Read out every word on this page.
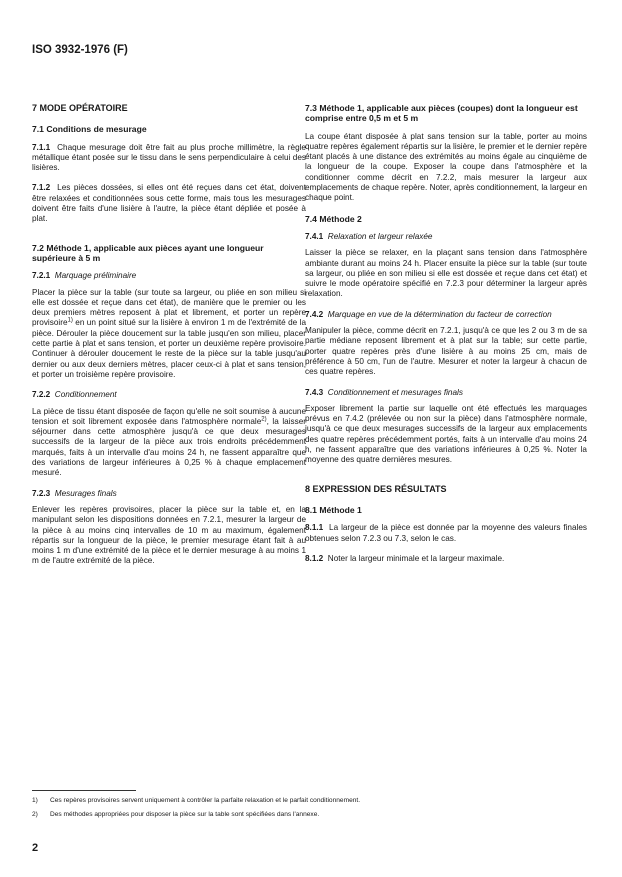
ISO 3932-1976 (F)
7 MODE OPÉRATOIRE
7.1 Conditions de mesurage
7.1.1 Chaque mesurage doit être fait au plus proche millimètre, la règle métallique étant posée sur le tissu dans le sens perpendiculaire à celui des lisières.
7.1.2 Les pièces dossées, si elles ont été reçues dans cet état, doivent être relaxées et conditionnées sous cette forme, mais tous les mesurages doivent être faits d'une lisière à l'autre, la pièce étant dépliée et posée à plat.
7.2 Méthode 1, applicable aux pièces ayant une longueur supérieure à 5 m
7.2.1 Marquage préliminaire
Placer la pièce sur la table (sur toute sa largeur, ou pliée en son milieu si elle est dossée et reçue dans cet état), de manière que le premier ou les deux premiers mètres reposent à plat et librement, et porter un repère provisoire$^{1)}$ en un point situé sur la lisière à environ 1 m de l'extrémité de la pièce. Dérouler la pièce doucement sur la table jusqu'en son milieu, placer cette partie à plat et sans tension, et porter un deuxième repère provisoire. Continuer à dérouler doucement le reste de la pièce sur la table jusqu'au dernier ou aux deux derniers mètres, placer ceux-ci à plat et sans tension, et porter un troisième repère provisoire.
7.2.2 Conditionnement
La pièce de tissu étant disposée de façon qu'elle ne soit soumise à aucune tension et soit librement exposée dans l'atmosphère normale$^{2)}$, la laisser séjourner dans cette atmosphère jusqu'à ce que deux mesurages successifs de la largeur de la pièce aux trois endroits précédemment marqués, faits à un intervalle d'au moins 24 h, ne fassent apparaître que des variations de largeur inférieures à 0,25 % à chaque emplacement mesuré.
7.2.3 Mesurages finals
Enlever les repères provisoires, placer la pièce sur la table et, en la manipulant selon les dispositions données en 7.2.1, mesurer la largeur de la pièce à au moins cinq intervalles de 10 m au maximum, également répartis sur la longueur de la pièce, le premier mesurage étant fait à au moins 1 m d'une extrémité de la pièce et le dernier mesurage à au moins 1 m de l'autre extrémité de la pièce.
7.3 Méthode 1, applicable aux pièces (coupes) dont la longueur est comprise entre 0,5 m et 5 m
La coupe étant disposée à plat sans tension sur la table, porter au moins quatre repères également répartis sur la lisière, le premier et le dernier repère étant placés à une distance des extrémités au moins égale au cinquième de la longueur de la coupe. Exposer la coupe dans l'atmosphère et la conditionner comme décrit en 7.2.2, mais mesurer la largeur aux emplacements de chaque repère. Noter, après conditionnement, la largeur en chaque point.
7.4 Méthode 2
7.4.1 Relaxation et largeur relaxée
Laisser la pièce se relaxer, en la plaçant sans tension dans l'atmosphère ambiante durant au moins 24 h. Placer ensuite la pièce sur la table (sur toute sa largeur, ou pliée en son milieu si elle est dossée et reçue dans cet état) et suivre le mode opératoire spécifié en 7.2.3 pour déterminer la largeur après relaxation.
7.4.2 Marquage en vue de la détermination du facteur de correction
Manipuler la pièce, comme décrit en 7.2.1, jusqu'à ce que les 2 ou 3 m de sa partie médiane reposent librement et à plat sur la table; sur cette partie, porter quatre repères près d'une lisière à au moins 25 cm, mais de préférence à 50 cm, l'un de l'autre. Mesurer et noter la largeur à chacun de ces quatre repères.
7.4.3 Conditionnement et mesurages finals
Exposer librement la partie sur laquelle ont été effectués les marquages prévus en 7.4.2 (prélevée ou non sur la pièce) dans l'atmosphère normale, jusqu'à ce que deux mesurages successifs de la largeur aux emplacements des quatre repères précédemment portés, faits à un intervalle d'au moins 24 h, ne fassent apparaître que des variations inférieures à 0,25 %. Noter la moyenne des quatre dernières mesures.
8 EXPRESSION DES RÉSULTATS
8.1 Méthode 1
8.1.1 La largeur de la pièce est donnée par la moyenne des valeurs finales obtenues selon 7.2.3 ou 7.3, selon le cas.
8.1.2 Noter la largeur minimale et la largeur maximale.
1) Ces repères provisoires servent uniquement à contrôler la parfaite relaxation et le parfait conditionnement.
2) Des méthodes appropriées pour disposer la pièce sur la table sont spécifiées dans l'annexe.
2
